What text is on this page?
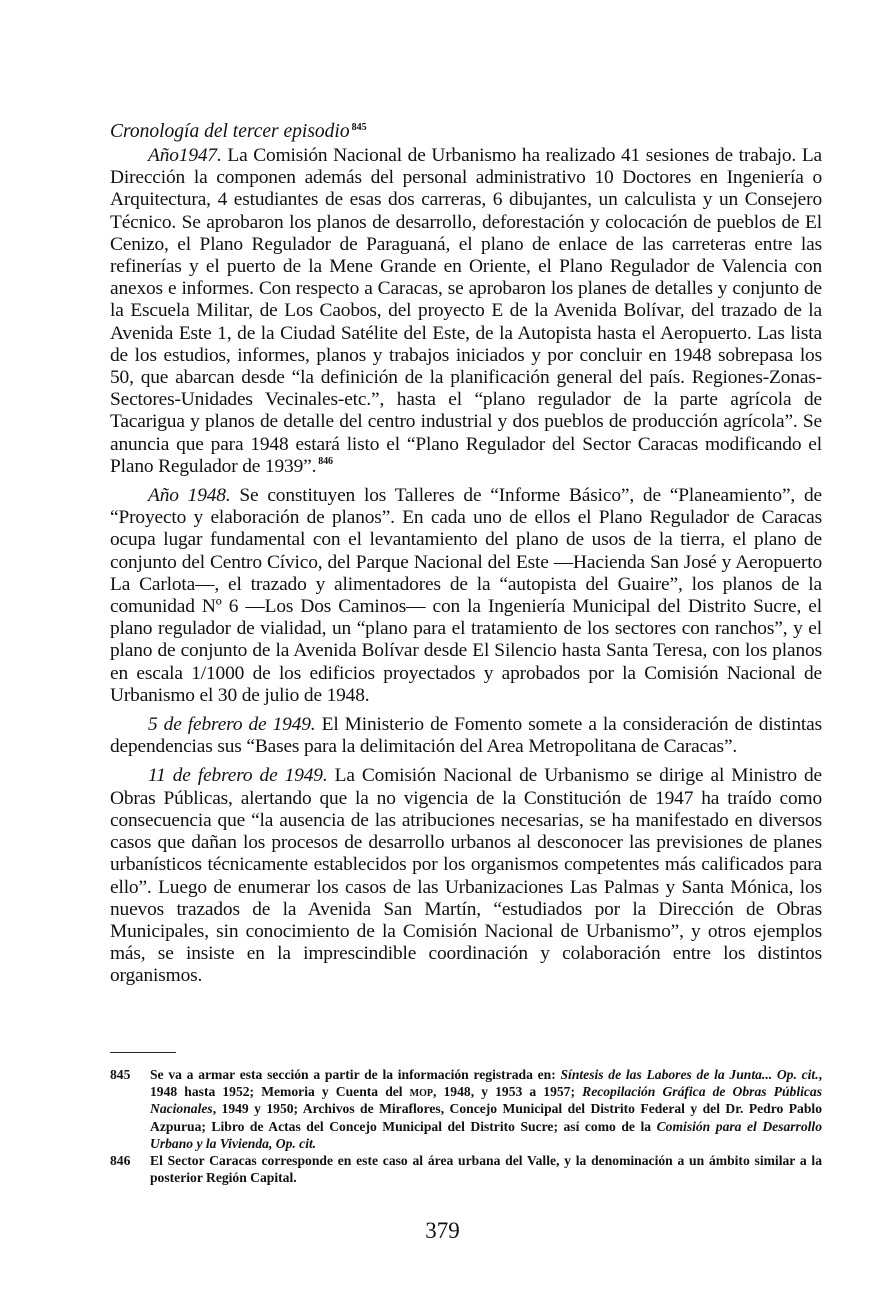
Cronología del tercer episodio $^{845}$

Año1947. La Comisión Nacional de Urbanismo ha realizado 41 sesiones de trabajo. La Dirección la componen además del personal administrativo 10 Doctores en Ingeniería o Arquitectura, 4 estudiantes de esas dos carreras, 6 dibujantes, un calculista y un Consejero Técnico. Se aprobaron los planos de desarrollo, deforestación y colocación de pueblos de El Cenizo, el Plano Regulador de Paraguaná, el plano de enlace de las carreteras entre las refinerías y el puerto de la Mene Grande en Oriente, el Plano Regulador de Valencia con anexos e informes. Con respecto a Caracas, se aprobaron los planes de detalles y conjunto de la Escuela Militar, de Los Caobos, del proyecto E de la Avenida Bolívar, del trazado de la Avenida Este 1, de la Ciudad Satélite del Este, de la Autopista hasta el Aeropuerto. Las lista de los estudios, informes, planos y trabajos iniciados y por concluir en 1948 sobrepasa los 50, que abarcan desde “la definición de la planificación general del país. Regiones-Zonas-Sectores-Unidades Vecinales-etc.”, hasta el “plano regulador de la parte agrícola de Tacarigua y planos de detalle del centro industrial y dos pueblos de producción agrícola”. Se anuncia que para 1948 estará listo el “Plano Regulador del Sector Caracas modificando el Plano Regulador de 1939”. $^{846}$

Año 1948. Se constituyen los Talleres de “Informe Básico”, de “Planeamiento”, de “Proyecto y elaboración de planos”. En cada uno de ellos el Plano Regulador de Caracas ocupa lugar fundamental con el levantamiento del plano de usos de la tierra, el plano de conjunto del Centro Cívico, del Parque Nacional del Este —Hacienda San José y Aeropuerto La Carlota—, el trazado y alimentadores de la “autopista del Guaire”, los planos de la comunidad Nº 6 —Los Dos Caminos— con la Ingeniería Municipal del Distrito Sucre, el plano regulador de vialidad, un “plano para el tratamiento de los sectores con ranchos”, y el plano de conjunto de la Avenida Bolívar desde El Silencio hasta Santa Teresa, con los planos en escala 1/1000 de los edificios proyectados y aprobados por la Comisión Nacional de Urbanismo el 30 de julio de 1948.

5 de febrero de 1949. El Ministerio de Fomento somete a la consideración de distintas dependencias sus “Bases para la delimitación del Area Metropolitana de Caracas”.

11 de febrero de 1949. La Comisión Nacional de Urbanismo se dirige al Ministro de Obras Públicas, alertando que la no vigencia de la Constitución de 1947 ha traído como consecuencia que “la ausencia de las atribuciones necesarias, se ha manifestado en diversos casos que dañan los procesos de desarrollo urbanos al desconocer las previsiones de planes urbanísticos técnicamente establecidos por los organismos competentes más calificados para ello”. Luego de enumerar los casos de las Urbanizaciones Las Palmas y Santa Mónica, los nuevos trazados de la Avenida San Martín, “estudiados por la Dirección de Obras Municipales, sin conocimiento de la Comisión Nacional de Urbanismo”, y otros ejemplos más, se insiste en la imprescindible coordinación y colaboración entre los distintos organismos.

845	Se va a armar esta sección a partir de la información registrada en: Síntesis de las Labores de la Junta... Op. cit., 1948 hasta 1952; Memoria y Cuenta del mop, 1948, y 1953 a 1957; Recopilación Gráfica de Obras Públicas Nacionales, 1949 y 1950; Archivos de Miraflores, Concejo Municipal del Distrito Federal y del Dr. Pedro Pablo Azpurua; Libro de Actas del Concejo Municipal del Distrito Sucre; así como de la Comisión para el Desarrollo Urbano y la Vivienda, Op. cit.
846	El Sector Caracas corresponde en este caso al área urbana del Valle, y la denominación a un ámbito similar a la posterior Región Capital.
379
